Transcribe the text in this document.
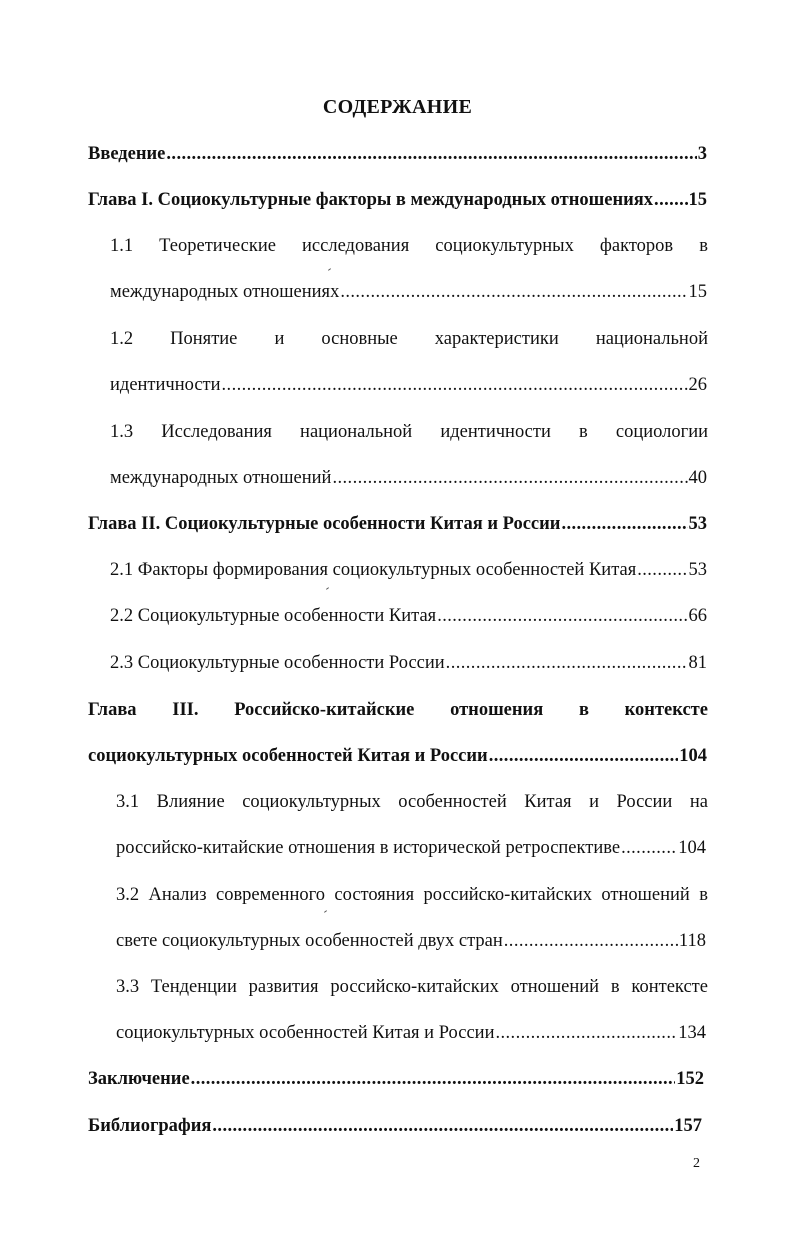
СОДЕРЖАНИЕ
Введение .....	3
Глава I. Социокультурные факторы в международных отношениях ..... 15
1.1 Теоретические исследования социокультурных факторов в
международных отношениях .....	15
1.2 Понятие и основные характеристики национальной
идентичности .....	26
1.3 Исследования национальной идентичности в социологии
международных отношений .....	40
Глава II. Социокультурные особенности Китая и России .....	53
2.1 Факторы формирования социокультурных особенностей Китая .....	53
2.2 Социокультурные особенности Китая .....	66
2.3 Социокультурные особенности России .....	81
Глава III. Российско-китайские отношения в контексте
социокультурных особенностей Китая и России .....	104
3.1 Влияние социокультурных особенностей Китая и России на
российско-китайские отношения в исторической ретроспективе .....	104
3.2 Анализ современного состояния российско-китайских отношений в
свете социокультурных особенностей двух стран .....	118
3.3 Тенденции развития российско-китайских отношений в контексте
социокультурных особенностей Китая и России .....	134
Заключение .....	152
Библиография .....	157
2
